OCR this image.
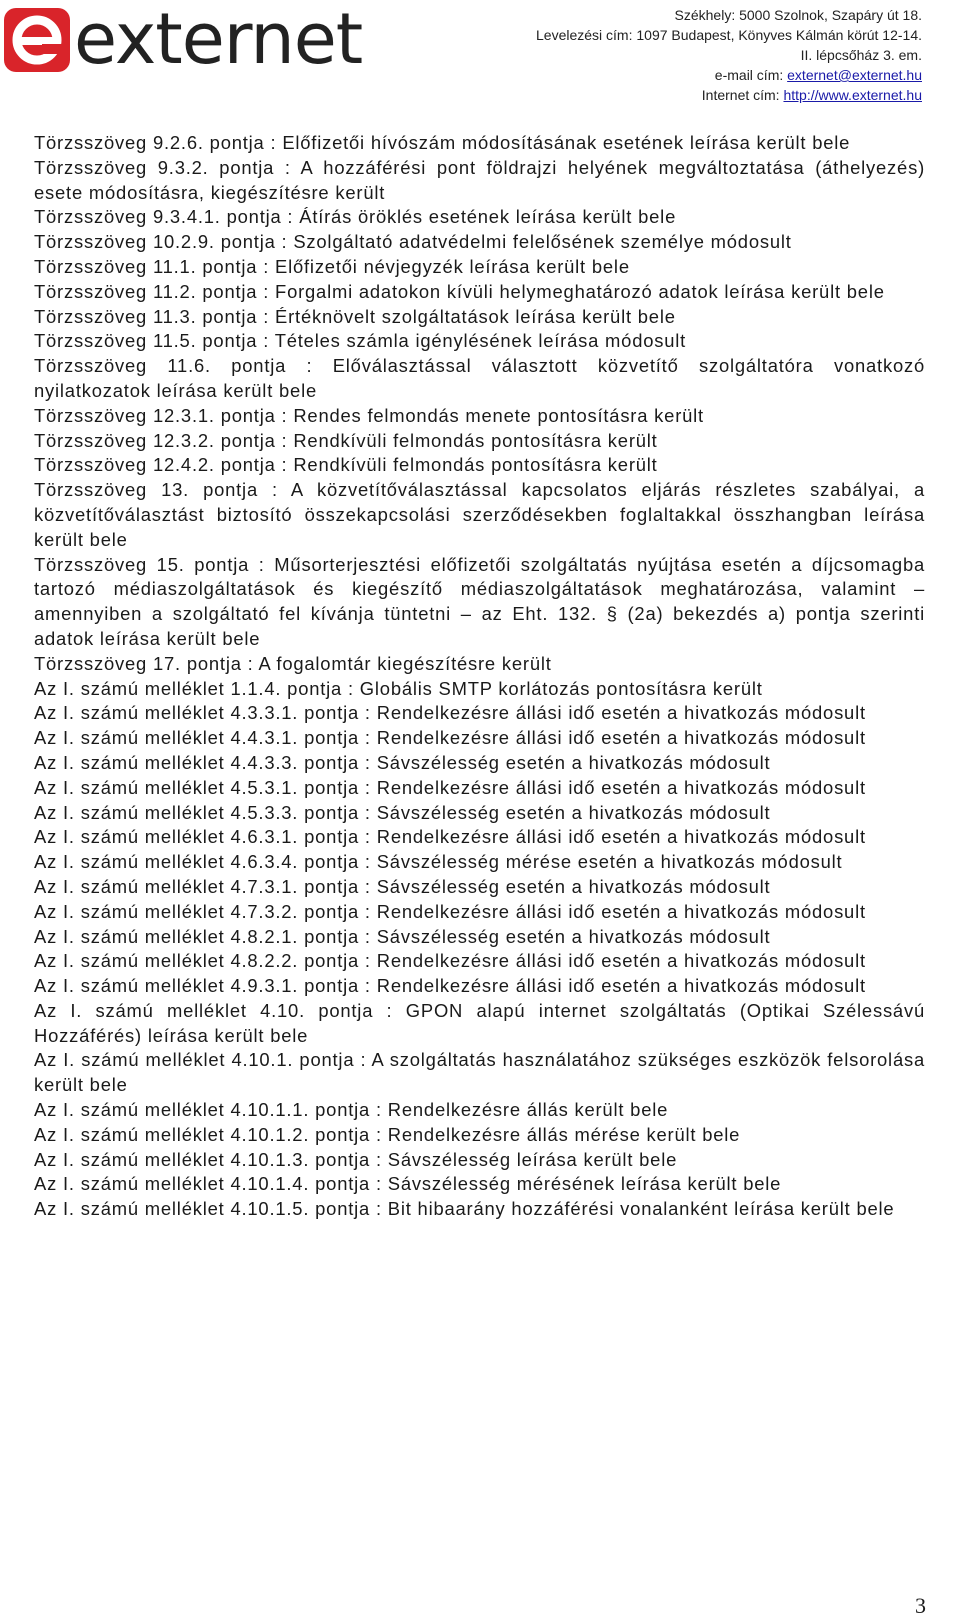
externet	Székhely: 5000 Szolnok, Szapáry út 18.
Levelezési cím: 1097 Budapest, Könyves Kálmán körút 12-14.
II. lépcsőház 3. em.
e-mail cím: externet@externet.hu
Internet cím: http://www.externet.hu

Törzsszöveg 9.2.6. pontja : Előfizetői hívószám módosításának esetének leírása került bele

Törzsszöveg 9.3.2. pontja : A hozzáférési pont földrajzi helyének megváltoztatása (áthelyezés) esete módosításra, kiegészítésre került

Törzsszöveg 9.3.4.1. pontja : Átírás öröklés esetének leírása került bele

Törzsszöveg 10.2.9. pontja : Szolgáltató adatvédelmi felelősének személye módosult

Törzsszöveg 11.1. pontja : Előfizetői névjegyzék leírása került bele

Törzsszöveg 11.2. pontja : Forgalmi adatokon kívüli helymeghatározó adatok leírása került bele

Törzsszöveg 11.3. pontja : Értéknövelt szolgáltatások leírása került bele

Törzsszöveg 11.5. pontja : Tételes számla igénylésének leírása módosult

Törzsszöveg 11.6. pontja : Előválasztással választott közvetítő szolgáltatóra vonatkozó nyilatkozatok leírása került bele

Törzsszöveg 12.3.1. pontja : Rendes felmondás menete pontosításra került

Törzsszöveg 12.3.2. pontja : Rendkívüli felmondás pontosításra került

Törzsszöveg 12.4.2. pontja : Rendkívüli felmondás pontosításra került

Törzsszöveg 13. pontja : A közvetítőválasztással kapcsolatos eljárás részletes szabályai, a közvetítőválasztást biztosító összekapcsolási szerződésekben foglaltakkal összhangban leírása került bele

Törzsszöveg 15. pontja : Műsorterjesztési előfizetői szolgáltatás nyújtása esetén a díjcsomagba tartozó médiaszolgáltatások és kiegészítő médiaszolgáltatások meghatározása, valamint – amennyiben a szolgáltató fel kívánja tüntetni – az Eht. 132. § (2a) bekezdés a) pontja szerinti adatok leírása került bele

Törzsszöveg 17. pontja : A fogalomtár kiegészítésre került

Az I. számú melléklet 1.1.4. pontja : Globális SMTP korlátozás pontosításra került

Az I. számú melléklet 4.3.3.1. pontja : Rendelkezésre állási idő esetén a hivatkozás módosult

Az I. számú melléklet 4.4.3.1. pontja : Rendelkezésre állási idő esetén a hivatkozás módosult

Az I. számú melléklet 4.4.3.3. pontja : Sávszélesség esetén a hivatkozás módosult

Az I. számú melléklet 4.5.3.1. pontja : Rendelkezésre állási idő esetén a hivatkozás módosult

Az I. számú melléklet 4.5.3.3. pontja : Sávszélesség esetén a hivatkozás módosult

Az I. számú melléklet 4.6.3.1. pontja : Rendelkezésre állási idő esetén a hivatkozás módosult

Az I. számú melléklet 4.6.3.4. pontja : Sávszélesség mérése esetén a hivatkozás módosult

Az I. számú melléklet 4.7.3.1. pontja : Sávszélesség esetén a hivatkozás módosult

Az I. számú melléklet 4.7.3.2. pontja : Rendelkezésre állási idő esetén a hivatkozás módosult

Az I. számú melléklet 4.8.2.1. pontja : Sávszélesség esetén a hivatkozás módosult

Az I. számú melléklet 4.8.2.2. pontja : Rendelkezésre állási idő esetén a hivatkozás módosult

Az I. számú melléklet 4.9.3.1. pontja : Rendelkezésre állási idő esetén a hivatkozás módosult

Az I. számú melléklet 4.10. pontja : GPON alapú internet szolgáltatás (Optikai Szélessávú Hozzáférés) leírása került bele

Az I. számú melléklet 4.10.1. pontja : A szolgáltatás használatához szükséges eszközök felsorolása került bele

Az I. számú melléklet 4.10.1.1. pontja : Rendelkezésre állás került bele

Az I. számú melléklet 4.10.1.2. pontja : Rendelkezésre állás mérése került bele

Az I. számú melléklet 4.10.1.3. pontja : Sávszélesség leírása került bele

Az I. számú melléklet 4.10.1.4. pontja : Sávszélesség mérésének leírása került bele

Az I. számú melléklet 4.10.1.5. pontja : Bit hibaarány hozzáférési vonalanként leírása került bele

3
